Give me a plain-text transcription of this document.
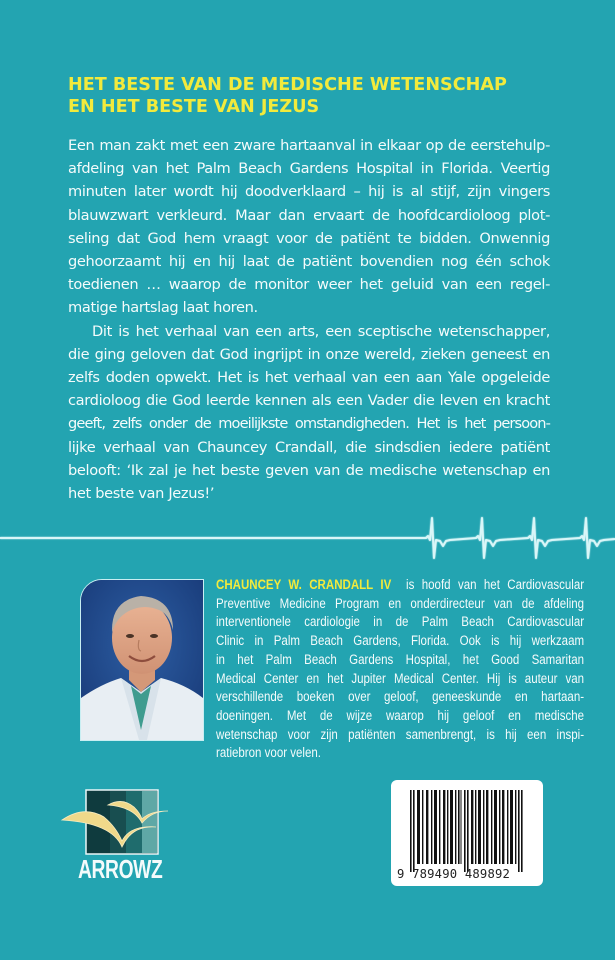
HET BESTE VAN DE MEDISCHE WETENSCHAP
EN HET BESTE VAN JEZUS
Een man zakt met een zware hartaanval in elkaar op de eerstehulp-
afdeling van het Palm Beach Gardens Hospital in Florida. Veertig
minuten later wordt hij doodverklaard – hij is al stijf, zijn vingers
blauwzwart verkleurd. Maar dan ervaart de hoofdcardioloog plot-
seling dat God hem vraagt voor de patiënt te bidden. Onwennig
gehoorzaamt hij en hij laat de patiënt bovendien nog één schok
toedienen … waarop de monitor weer het geluid van een regel-
matige hartslag laat horen.
Dit is het verhaal van een arts, een sceptische wetenschapper,
die ging geloven dat God ingrijpt in onze wereld, zieken geneest en
zelfs doden opwekt. Het is het verhaal van een aan Yale opgeleide
cardioloog die God leerde kennen als een Vader die leven en kracht
geeft, zelfs onder de moeilijkste omstandigheden. Het is het persoon-
lijke verhaal van Chauncey Crandall, die sindsdien iedere patiënt
belooft: ‘Ik zal je het beste geven van de medische wetenschap en
het beste van Jezus!’
CHAUNCEY W. CRANDALL IV is hoofd van het Cardiovascular
Preventive Medicine Program en onderdirecteur van de afdeling
interventionele cardiologie in de Palm Beach Cardiovascular
Clinic in Palm Beach Gardens, Florida. Ook is hij werkzaam
in het Palm Beach Gardens Hospital, het Good Samaritan
Medical Center en het Jupiter Medical Center. Hij is auteur van
verschillende boeken over geloof, geneeskunde en hartaan-
doeningen. Met de wijze waarop hij geloof en medische
wetenschap voor zijn patiënten samenbrengt, is hij een inspi-
ratiebron voor velen.
ARROWZ	9 789490 489892
